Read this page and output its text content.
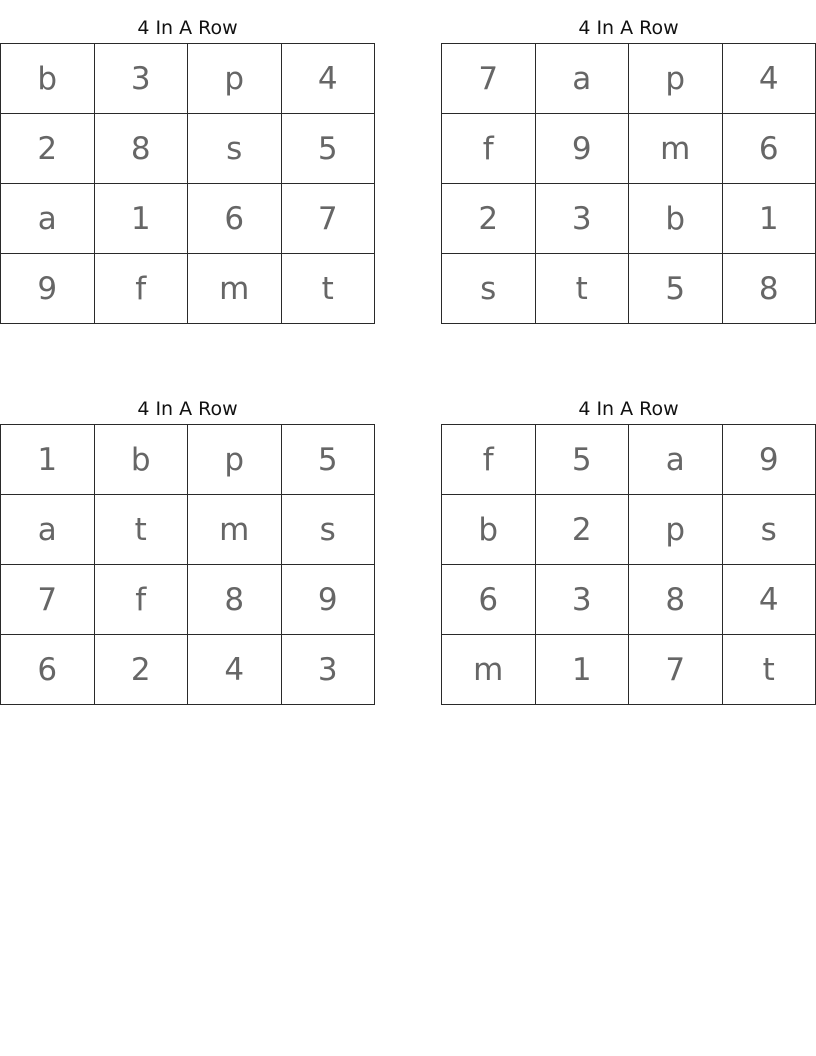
4 In A Row
b	3	p	4
2	8	s	5
a	1	6	7
9	f	m	t
4 In A Row
7	a	p	4
f	9	m	6
2	3	b	1
s	t	5	8
4 In A Row
1	b	p	5
a	t	m	s
7	f	8	9
6	2	4	3
4 In A Row
f	5	a	9
b	2	p	s
6	3	8	4
m	1	7	t
